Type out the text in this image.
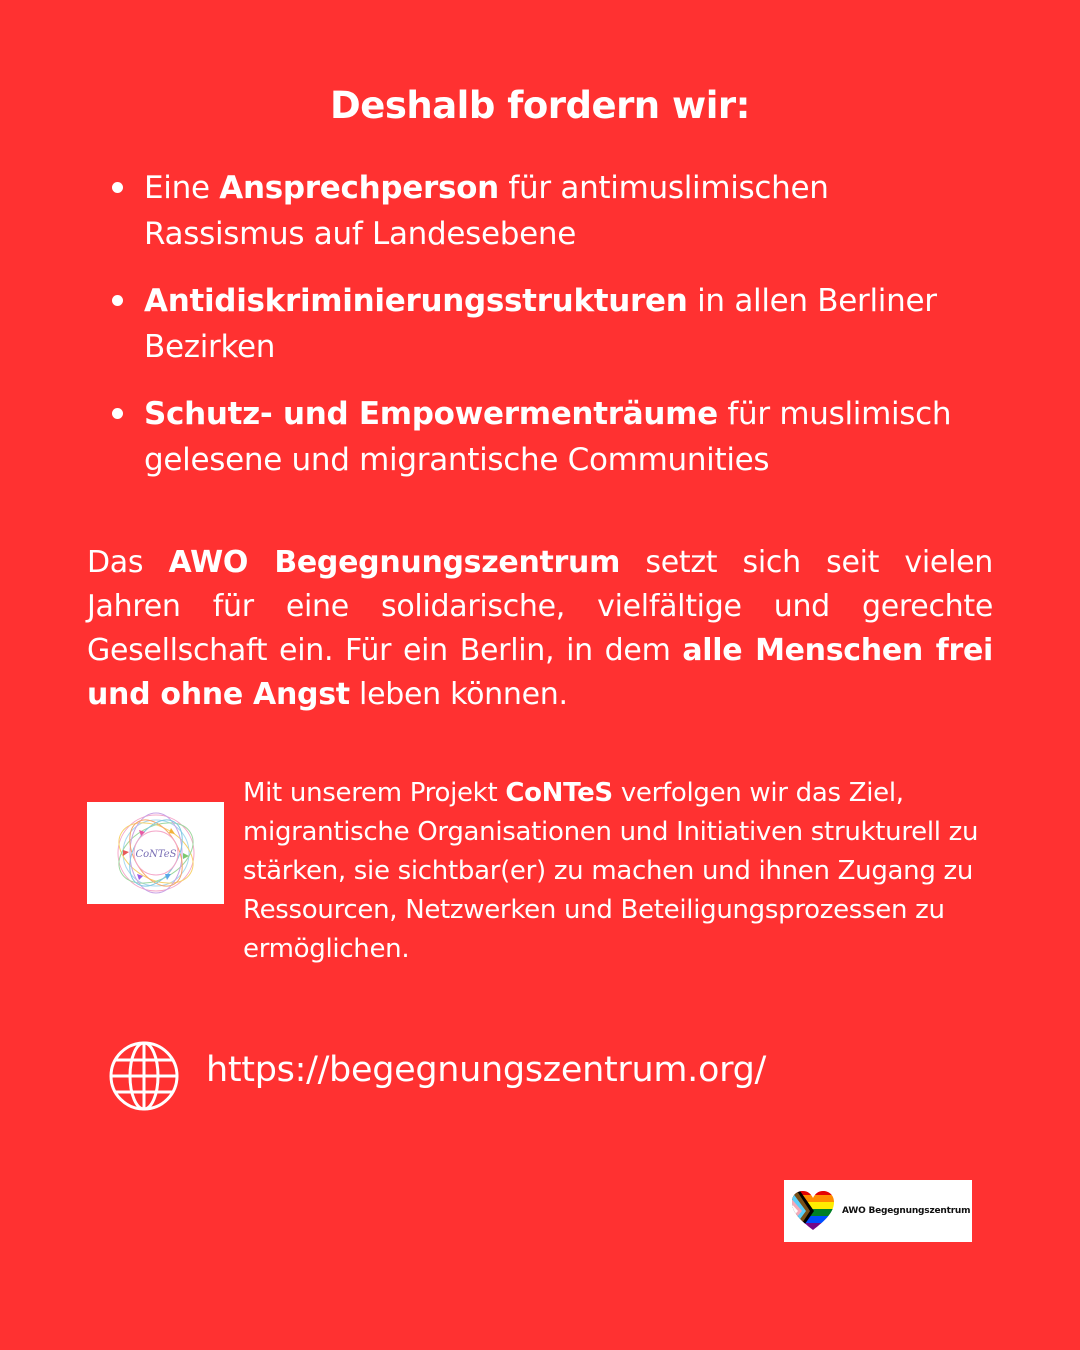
Deshalb fordern wir:
Eine Ansprechperson für antimuslimischen Rassismus auf Landesebene
Antidiskriminierungsstrukturen in allen Berliner Bezirken
Schutz- und Empowermenträume für muslimisch gelesene und migrantische Communities
Das AWO Begegnungszentrum setzt sich seit vielen Jahren für eine solidarische, vielfältige und gerechte Gesellschaft ein. Für ein Berlin, in dem alle Menschen frei und ohne Angst leben können.
CoNTeS
Mit unserem Projekt CoNTeS verfolgen wir das Ziel, migrantische Organisationen und Initiativen strukturell zu stärken, sie sichtbar(er) zu machen und ihnen Zugang zu Ressourcen, Netzwerken und Beteiligungsprozessen zu ermöglichen.
https://begegnungszentrum.org/
AWO Begegnungszentrum
